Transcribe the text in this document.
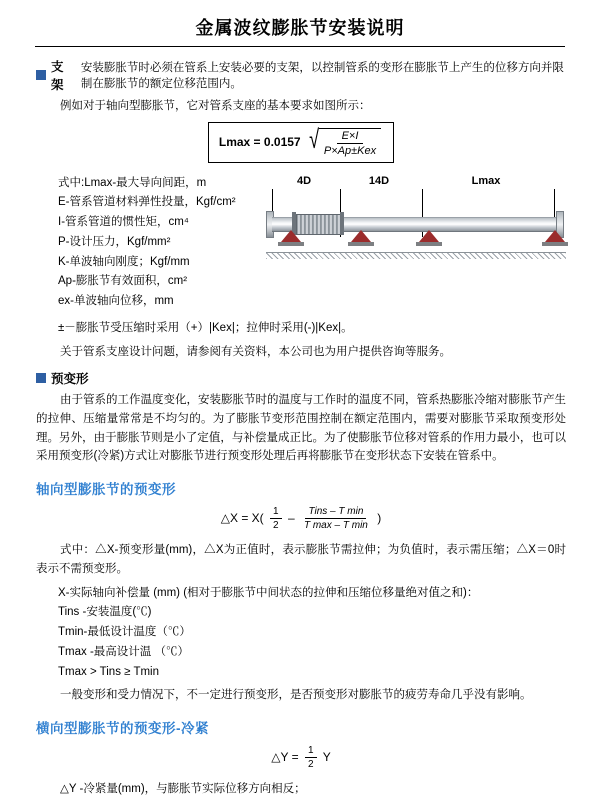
金属波纹膨胀节安装说明
支架
安装膨胀节时必须在管系上安装必要的支架，以控制管系的变形在膨胀节上产生的位移方向并限制在膨胀节的额定位移范围内。

例如对于轴向型膨胀节，它对管系支座的基本要求如图所示：

Lmax = 0.0157 √ $\frac{E\times I}{\text{P×Ap±Kex}}$
式中:Lmax-最大导向间距，m
E-管系管道材料弹性投量，Kgf/cm²
I-管系管道的惯性矩，cm⁴
P-设计压力，Kgf/mm²
K-单波轴向刚度；Kgf/mm
Ap-膨胀节有效面积，cm²
ex-单波轴向位移，mm
4D	14D	Lmax
±－膨胀节受压缩时采用（+）|Kex|；拉伸时采用(-)|Kex|。

关于管系支座设计问题，请参阅有关资料，本公司也为用户提供咨询等服务。

预变形

由于管系的工作温度变化，安装膨胀节时的温度与工作时的温度不同，管系热膨胀冷缩对膨胀节产生的拉伸、压缩量常常是不均匀的。为了膨胀节变形范围控制在额定范围内，需要对膨胀节采取预变形处理。另外，由于膨胀节则是小了定值，与补偿量成正比。为了使膨胀节位移对管系的作用力最小，也可以采用预变形(冷紧)方式让对膨胀节进行预变形处理后再将膨胀节在变形状态下安装在管系中。

轴向型膨胀节的预变形
△X = $X( \frac{1}{2} - \frac{\text{Tins – T min}}{\text{T max – T min}}$ )

式中：△X-预变形量(mm)，△X为正值时，表示膨胀节需拉伸；为负值时，表示需压缩；△X＝0时表示不需预变形。

X-实际轴向补偿量 (mm) (相对于膨胀节中间状态的拉伸和压缩位移量绝对值之和)：
Tins -安装温度(℃)
Tmin-最低设计温度（℃）
Tmax -最高设计温 （℃）
Tmax > Tins ≥ Tmin

一般变形和受力情况下，不一定进行预变形，是否预变形对膨胀节的疲劳寿命几乎没有影响。

横向型膨胀节的预变形-冷紧
△Y = $\frac{1}{2}$ Y

△Y -冷紧量(mm)，与膨胀节实际位移方向相反；
